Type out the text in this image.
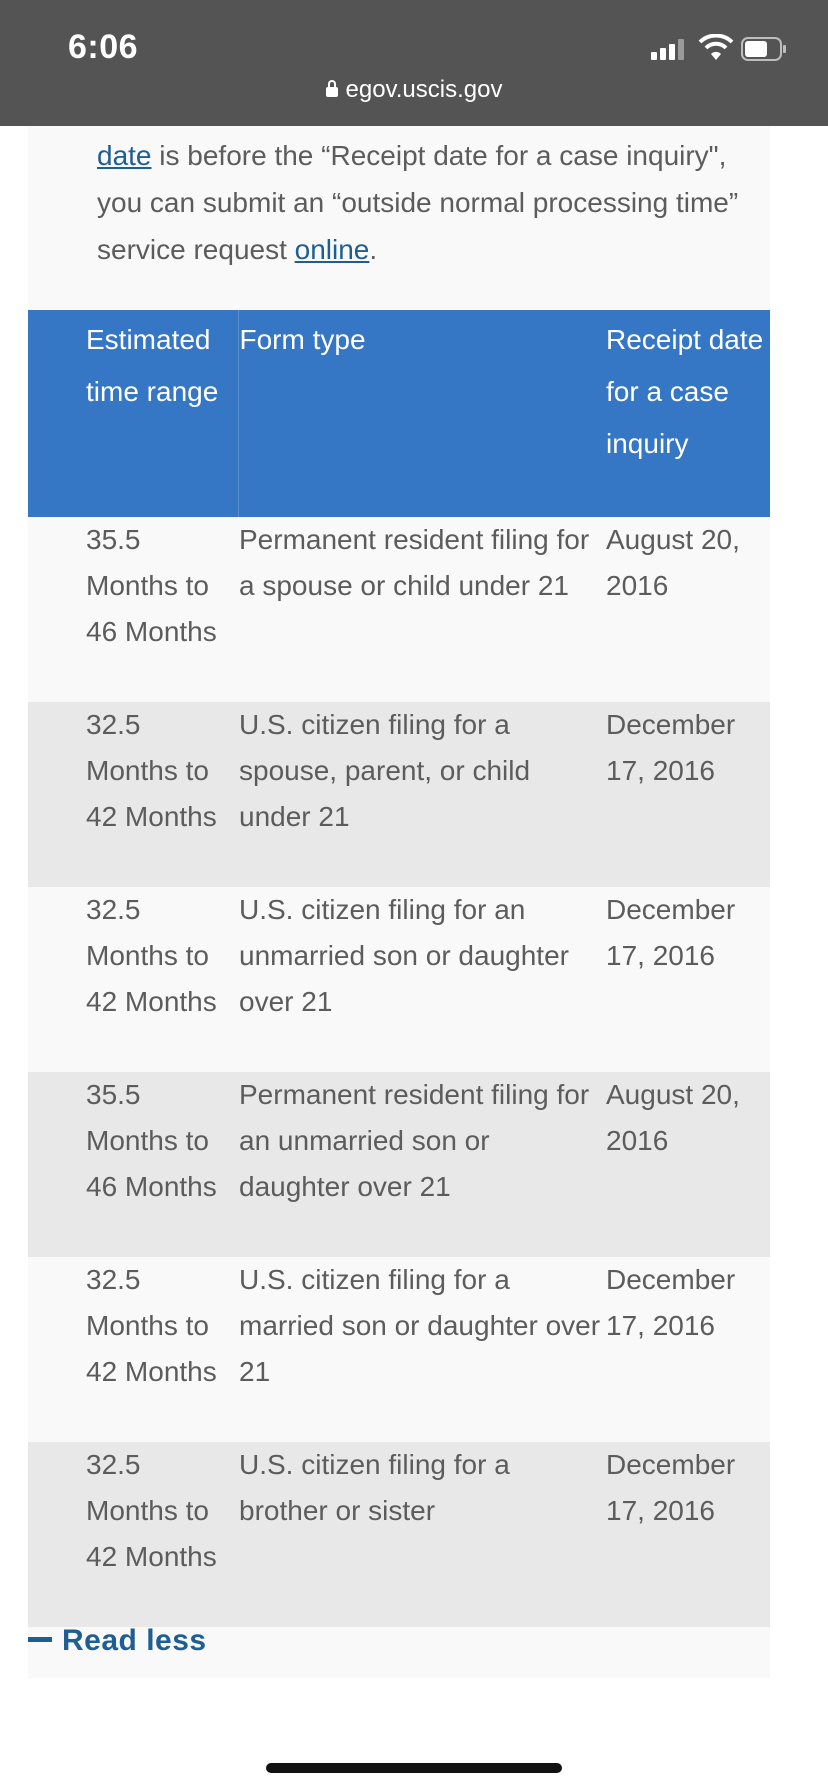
6:06
egov.uscis.gov
date is before the “Receipt date for a case inquiry", you can submit an “outside normal processing time” service request online.
Estimated time range	Form type	Receipt date for a case inquiry
35.5 Months to 46 Months	Permanent resident filing for a spouse or child under 21	August 20, 2016
32.5 Months to 42 Months	U.S. citizen filing for a spouse, parent, or child under 21	December 17, 2016
32.5 Months to 42 Months	U.S. citizen filing for an unmarried son or daughter over 21	December 17, 2016
35.5 Months to 46 Months	Permanent resident filing for an unmarried son or daughter over 21	August 20, 2016
32.5 Months to 42 Months	U.S. citizen filing for a married son or daughter over 21	December 17, 2016
32.5 Months to 42 Months	U.S. citizen filing for a brother or sister	December 17, 2016
Read less
